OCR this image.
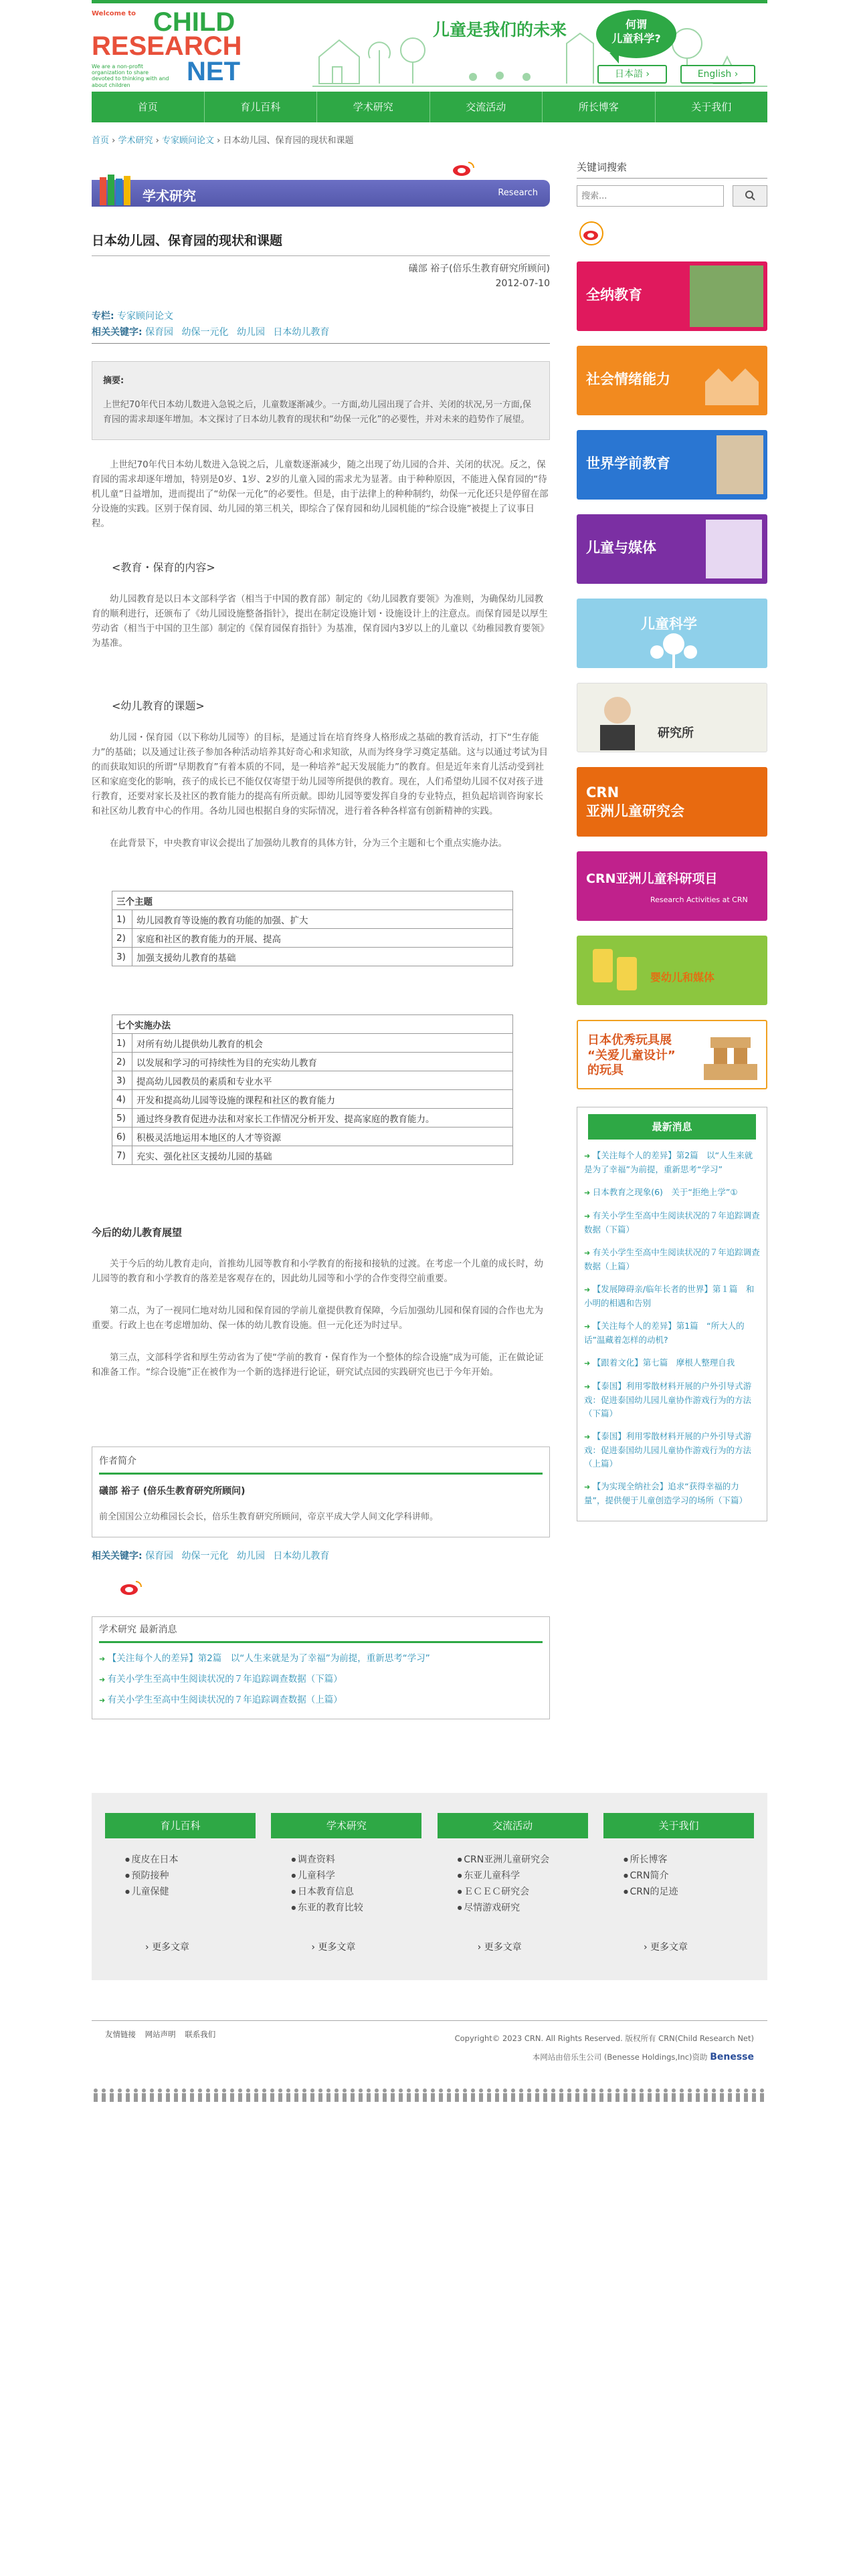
Welcome to CHILD
RESEARCH
NET
We are a non-profit organization to share devoted to thinking with and about children
儿童是我们的未来	何谓
儿童科学?
日本語 ›	English ›
首页	育儿百科	学术研究	交流活动	所长博客	关于我们
首页 › 学术研究 › 专家顾问论文 › 日本幼儿园、保育园的现状和课题
学术研究	Research
日本幼儿园、保育园的现状和课题
礒部 裕子(倍乐生教育研究所顾问)
2012-07-10
专栏: 专家顾问论文
相关关键字: 保育园 幼保一元化 幼儿园 日本幼儿教育
摘要:
上世纪70年代日本幼儿数进入急锐之后，儿童数逐渐减少。一方面,幼儿园出现了合并、关闭的状况,另一方面,保育园的需求却逐年增加。本文探讨了日本幼儿教育的现状和“幼保一元化”的必要性，并对未来的趋势作了展望。

上世纪70年代日本幼儿数进入急锐之后，儿童数逐渐减少，随之出现了幼儿园的合并、关闭的状况。反之，保育园的需求却逐年增加，特别是0岁、1岁、2岁的儿童入园的需求尤为显著。由于种种原因，不能进入保育园的“待机儿童”日益增加，进而提出了“幼保一元化”的必要性。但是，由于法律上的种种制约，幼保一元化还只是停留在部分设施的实践。区别于保育园、幼儿园的第三机关，即综合了保育园和幼儿园机能的“综合设施”被提上了议事日程。

<教育・保育的内容>

幼儿园教育是以日本文部科学省（相当于中国的教育部）制定的《幼儿园教育要领》为准则，为确保幼儿园教育的顺利进行，还颁布了《幼儿园设施整备指针》，提出在制定设施计划・设施设计上的注意点。而保育园是以厚生劳动省（相当于中国的卫生部）制定的《保育园保育指针》为基准，保育园内3岁以上的儿童以《幼稚园教育要领》为基准。

<幼儿教育的课题>

幼儿园・保育园（以下称幼儿园等）的目标，是通过旨在培育终身人格形成之基础的教育活动，打下“生存能力”的基础；以及通过让孩子参加各种活动培养其好奇心和求知欲，从而为终身学习奠定基础。这与以通过考试为目的而获取知识的所谓“早期教育”有着本质的不同，是一种培养“起天发展能力”的教育。但是近年来育儿活动受到社区和家庭变化的影响，孩子的成长已不能仅仅寄望于幼儿园等所提供的教育。现在，人们希望幼儿园不仅对孩子进行教育，还要对家长及社区的教育能力的提高有所贡献。即幼儿园等要发挥自身的专业特点，担负起培训咨询家长和社区幼儿教育中心的作用。各幼儿园也根据自身的实际情况，进行着各种各样富有创新精神的实践。

在此背景下，中央教育审议会提出了加强幼儿教育的具体方针，分为三个主题和七个重点实施办法。

三个主题	
1)	幼儿园教育等设施的教育功能的加强、扩大
2)	家庭和社区的教育能力的开展、提高
3)	加强支援幼儿教育的基础
七个实施办法	
1)	对所有幼儿提供幼儿教育的机会
2)	以发展和学习的可持续性为目的充实幼儿教育
3)	提高幼儿园教员的素质和专业水平
4)	开发和提高幼儿园等设施的课程和社区的教育能力
5)	通过终身教育促进办法和对家长工作情况分析开发、提高家庭的教育能力。
6)	积极灵活地运用本地区的人才等资源
7)	充实、强化社区支援幼儿园的基础
今后的幼儿教育展望

关于今后的幼儿教育走向，首推幼儿园等教育和小学教育的衔接和接轨的过渡。在考虑一个儿童的成长时，幼儿园等的教育和小学教育的落差是客观存在的，因此幼儿园等和小学的合作变得空前重要。

第二点，为了一视同仁地对幼儿园和保育园的学前儿童提供教育保障，今后加强幼儿园和保育园的合作也尤为重要。行政上也在考虑增加幼、保一体的幼儿教育设施。但一元化还为时过早。

第三点，文部科学省和厚生劳动省为了使“学前的教育・保育作为一个整体的综合设施”成为可能，正在做论证和准备工作。“综合设施”正在被作为一个新的选择进行论证，研究试点园的实践研究也已于今年开始。

作者简介
礒部 裕子 (倍乐生教育研究所顾问)
前全国国公立幼稚园长会长，倍乐生教育研究所顾问，帝京平成大学人间文化学科讲师。
相关关键字: 保育园 幼保一元化 幼儿园 日本幼儿教育
学术研究 最新消息
➜ 【关注每个人的差异】第2篇　以“人生来就是为了幸福”为前提，重新思考“学习”
➜ 有关小学生至高中生阅读状况的７年追踪调查数据（下篇）
➜ 有关小学生至高中生阅读状况的７年追踪调查数据（上篇）
关键词搜索
搜索...
全纳教育
社会情绪能力
世界学前教育
儿童与媒体
儿童科学
研究所
CRN
亚洲儿童研究会
CRN亚洲儿童科研项目
Research Activities at CRN
婴幼儿和媒体
日本优秀玩具展
“关爱儿童设计”
的玩具
最新消息
➜ 【关注每个人的差异】第2篇　以“人生来就是为了幸福”为前提，重新思考“学习”
➜ 日本教育之现象(6)　关于“拒绝上学”①
➜ 有关小学生至高中生阅读状况的７年追踪调查数据（下篇）
➜ 有关小学生至高中生阅读状况的７年追踪调查数据（上篇）
➜ 【发展障碍亲/临年长者的世界】第１篇　和小明的相遇和告别
➜ 【关注每个人的差异】第1篇　“所大人的话”温藏着怎样的动机?
➜ 【跟着文化】第七篇　摩根人整理自我
➜ 【泰国】利用零散材料开展的户外引导式游戏：促进泰国幼儿园儿童协作游戏行为的方法（下篇）
➜ 【泰国】利用零散材料开展的户外引导式游戏：促进泰国幼儿园儿童协作游戏行为的方法（上篇）
➜ 【为实现全纳社会】追求“获得幸福的力量”，提供便于儿童创造学习的场所（下篇）
育儿百科
● 度皮在日本
● 预防接种
● 儿童保健
› 更多文章
学术研究
● 调查资料
● 儿童科学
● 日本教育信息
● 东亚的教育比较
› 更多文章
交流活动
● CRN亚洲儿童研究会
● 东亚儿童科学
● ＥＣＥＣ研究会
● 尽情游戏研究
› 更多文章
关于我们
● 所长博客
● CRN简介
● CRN的足迹
› 更多文章
友情链接 网站声明 联系我们	Copyright© 2023 CRN. All Rights Reserved. 版权所有 CRN(Child Research Net)
本网站由倍乐生公司 (Benesse Holdings,Inc)资助 Benesse
